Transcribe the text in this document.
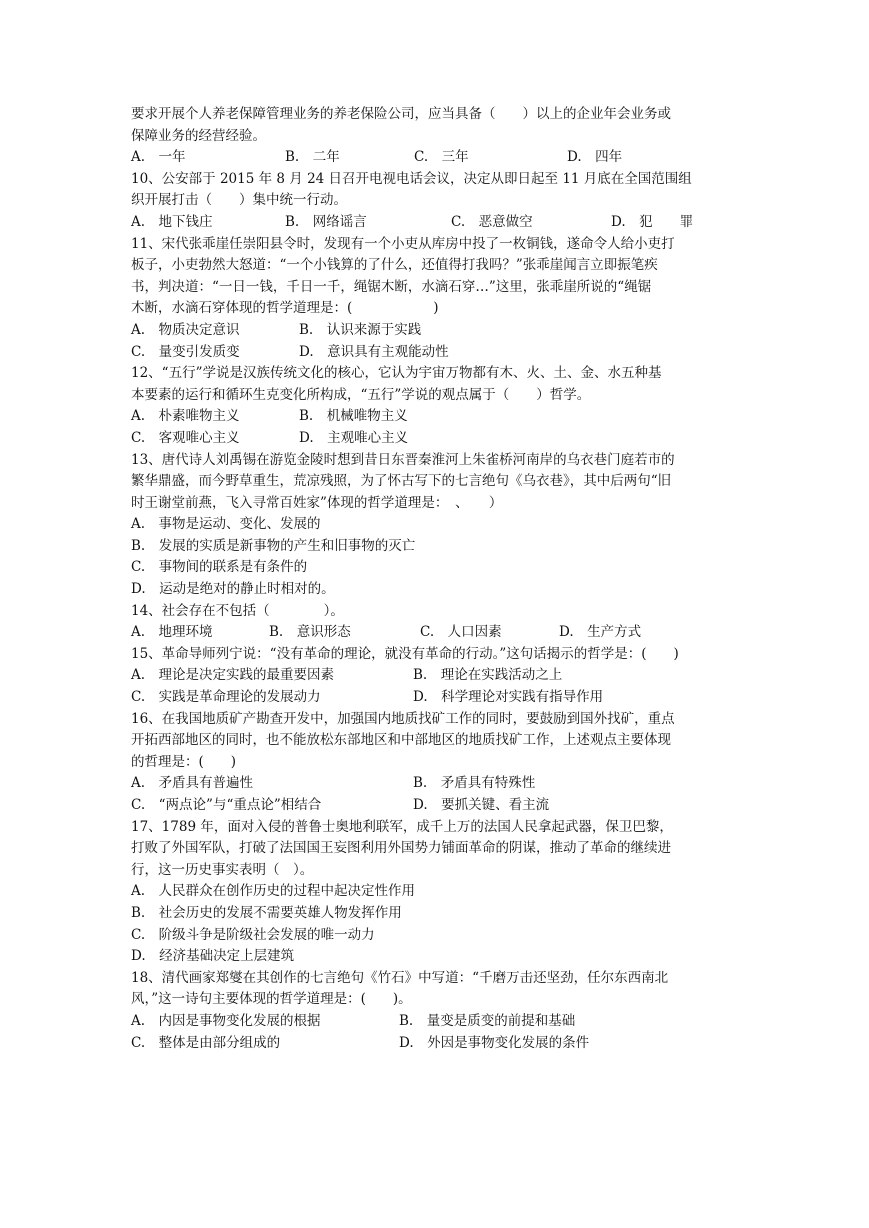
要求开展个人养老保障管理业务的养老保险公司，应当具备（　　）以上的企业年会业务或
保障业务的经营经验。
A.　一年	B.　二年	C.　三年	D.　四年
10、公安部于 2015 年 8 月 24 日召开电视电话会议，决定从即日起至 11 月底在全国范围组
织开展打击（　　）集中统一行动。
A.　地下钱庄	B.　网络谣言	C.　恶意做空	D.　犯　　罪
11、宋代张乖崖任崇阳县令时，发现有一个小吏从库房中投了一枚铜钱，遂命令人给小吏打
板子，小吏勃然大怒道：“一个小钱算的了什么，还值得打我吗？”张乖崖闻言立即振笔疾
书，判决道：“一日一钱，千日一千，绳锯木断，水滴石穿…”这里，张乖崖所说的“绳锯
木断，水滴石穿体现的哲学道理是：(　　　　　　)
A.　物质决定意识	B.　认识来源于实践
C.　量变引发质变	D.　意识具有主观能动性
12、“五行”学说是汉族传统文化的核心，它认为宇宙万物都有木、火、土、金、水五种基
本要素的运行和循环生克变化所构成，“五行”学说的观点属于（　　）哲学。
A.　朴素唯物主义	B.　机械唯物主义
C.　客观唯心主义	D.　主观唯心主义
13、唐代诗人刘禹锡在游览金陵时想到昔日东晋秦淮河上朱雀桥河南岸的乌衣巷门庭若市的
繁华鼎盛，而今野草重生，荒凉残照，为了怀古写下的七言绝句《乌衣巷》，其中后两句“旧
时王谢堂前燕，飞入寻常百姓家”体现的哲学道理是：　、　　）
A.　事物是运动、变化、发展的
B.　发展的实质是新事物的产生和旧事物的灭亡
C.　事物间的联系是有条件的
D.　运动是绝对的静止时相对的。
14、社会存在不包括（　　　　）。
A.　地理环境	B.　意识形态	C.　人口因素	D.　生产方式
15、革命导师列宁说：“没有革命的理论，就没有革命的行动。”这句话揭示的哲学是：(　　)
A.　理论是决定实践的最重要因素	B.　理论在实践活动之上
C.　实践是革命理论的发展动力	D.　科学理论对实践有指导作用
16、在我国地质矿产勘查开发中，加强国内地质找矿工作的同时，要鼓励到国外找矿，重点
开拓西部地区的同时，也不能放松东部地区和中部地区的地质找矿工作，上述观点主要体现
的哲理是：(　　)
A.　矛盾具有普遍性	B.　矛盾具有特殊性
C.　“两点论”与“重点论”相结合	D.　要抓关键、看主流
17、1789 年，面对入侵的普鲁士奥地利联军，成千上万的法国人民拿起武器，保卫巴黎，
打败了外国军队，打破了法国国王妄图利用外国势力铺面革命的阴谋，推动了革命的继续进
行，这一历史事实表明（　）。
A.　人民群众在创作历史的过程中起决定性作用
B.　社会历史的发展不需要英雄人物发挥作用
C.　阶级斗争是阶级社会发展的唯一动力
D.　经济基础决定上层建筑
18、清代画家郑燮在其创作的七言绝句《竹石》中写道：“千磨万击还坚劲，任尔东西南北
风，”这一诗句主要体现的哲学道理是：(　　)。
A.　内因是事物变化发展的根据	B.　量变是质变的前提和基础
C.　整体是由部分组成的	D.　外因是事物变化发展的条件
